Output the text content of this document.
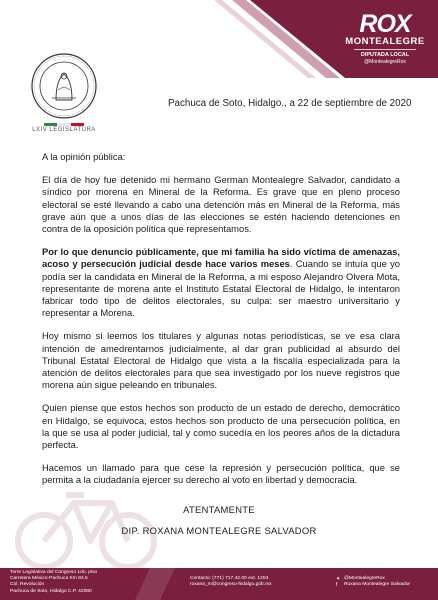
ROX
MONTEALEGRE
DIPUTADA LOCAL
@MontealegreRox
LXIV LEGISLATURA
Pachuca de Soto, Hidalgo., a 22 de septiembre de 2020

A la opinión pública:

El día de hoy fue detenido mi hermano German Montealegre Salvador, candidato a síndico por morena en Mineral de la Reforma. Es grave que en pleno proceso electoral se esté llevando a cabo una detención más en Mineral de la Reforma, más grave aún que a unos días de las elecciones se estén haciendo detenciones en contra de la oposición política que representamos.

Por lo que denuncio públicamente, que mi familia ha sido víctima de amenazas, acoso y persecución judicial desde hace varios meses. Cuando se intuía que yo podía ser la candidata en Mineral de la Reforma, a mi esposo Alejandro Olvera Mota, representante de morena ante el Instituto Estatal Electoral de Hidalgo, le intentaron fabricar todo tipo de delitos electorales, su culpa: ser maestro universitario y representar a Morena.

Hoy mismo si leemos los titulares y algunas notas periodísticas, se ve esa clara intención de amedrentarnos judicialmente, al dar gran publicidad al absurdo del Tribunal Estatal Electoral de Hidalgo que vista a la fiscalía especializada para la atención de delitos electorales para que sea investigado por los nueve registros que morena aún sigue peleando en tribunales.

Quien piense que estos hechos son producto de un estado de derecho, democrático en Hidalgo, se equivoca, estos hechos son producto de una persecución política, en la que se usa al poder judicial, tal y como sucedía en los peores años de la dictadura perfecta.

Hacemos un llamado para que cese la represión y persecución política, que se permita a la ciudadanía ejercer su derecho al voto en libertad y democracia.

ATENTAMENTE
DIP. ROXANA MONTEALEGRE SALVADOR
Torre Legislativa del Congreso 1do. piso
Carretera México-Pachuca Km 84.5
Col. Revolución
Pachuca de Soto, Hidalgo C.P. 42080
Contacto: (771) 717.42.00 ext. 1253
roxana_m@congreso-hidalgo.gob.mx
✦ @MontealegreRox
f	Roxana Montealegre Salvador
